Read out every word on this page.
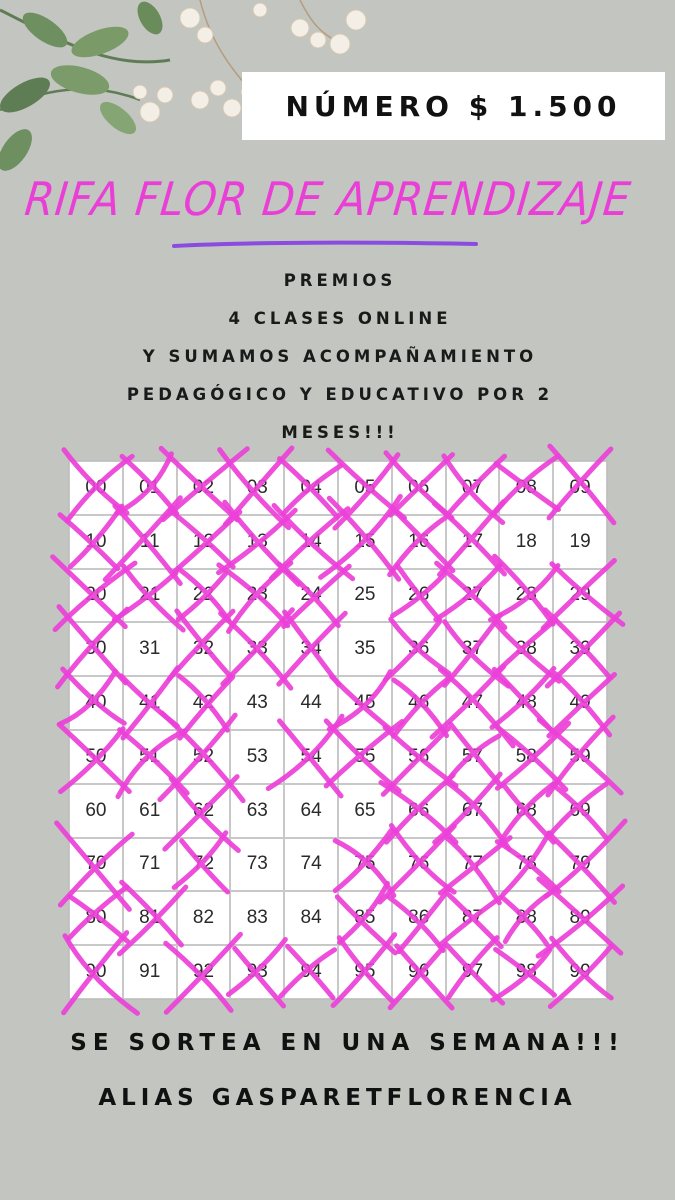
NÚMERO $ 1.500
RIFA FLOR DE APRENDIZAJE
PREMIOS
4 CLASES ONLINE
Y SUMAMOS ACOMPAÑAMIENTO
PEDAGÓGICO Y EDUCATIVO POR 2
MESES!!!
00	01	02	03	04	05	06	07	08	09
10	11	12	13	14	15	16	17	18	19
20	21	22	23	24	25	26	27	28	29
30	31	32	33	34	35	36	37	38	39
40	41	42	43	44	45	46	47	48	49
50	51	52	53	54	55	56	57	58	59
60	61	62	63	64	65	66	67	68	69
70	71	72	73	74	75	76	77	78	79
80	81	82	83	84	85	86	87	88	89
90	91	92	93	94	95	96	97	98	99
SE SORTEA EN UNA SEMANA!!!
ALIAS GASPARETFLORENCIA
